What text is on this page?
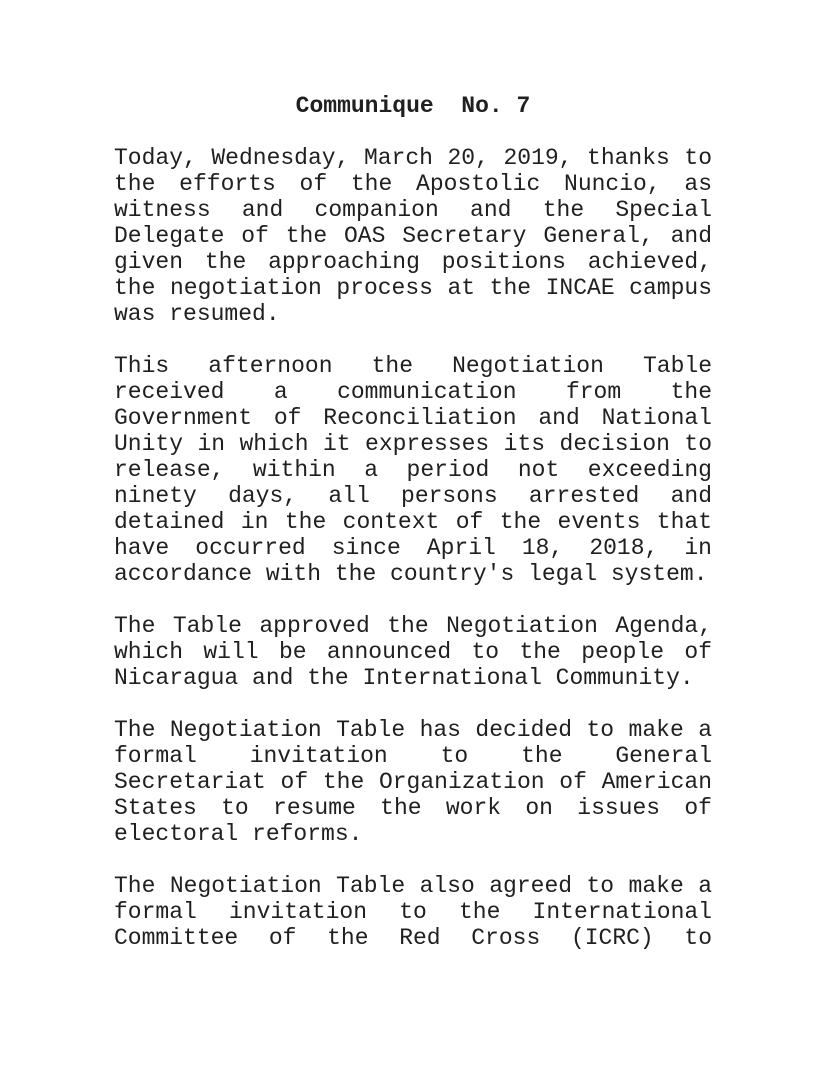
Communique  No. 7
Today, Wednesday, March 20, 2019, thanks to
the efforts of the Apostolic Nuncio, as
witness and companion and the Special
Delegate of the OAS Secretary General, and
given the approaching positions achieved,
the negotiation process at the INCAE campus
was resumed.
This afternoon the Negotiation Table
received a communication from the
Government of Reconciliation and National
Unity in which it expresses its decision to
release, within a period not exceeding
ninety days, all persons arrested and
detained in the context of the events that
have occurred since April 18, 2018, in
accordance with the country's legal system.
The Table approved the Negotiation Agenda,
which will be announced to the people of
Nicaragua and the International Community.
The Negotiation Table has decided to make a
formal invitation to the General
Secretariat of the Organization of American
States to resume the work on issues of
electoral reforms.
The Negotiation Table also agreed to make a
formal invitation to the International
Committee of the Red Cross (ICRC) to
